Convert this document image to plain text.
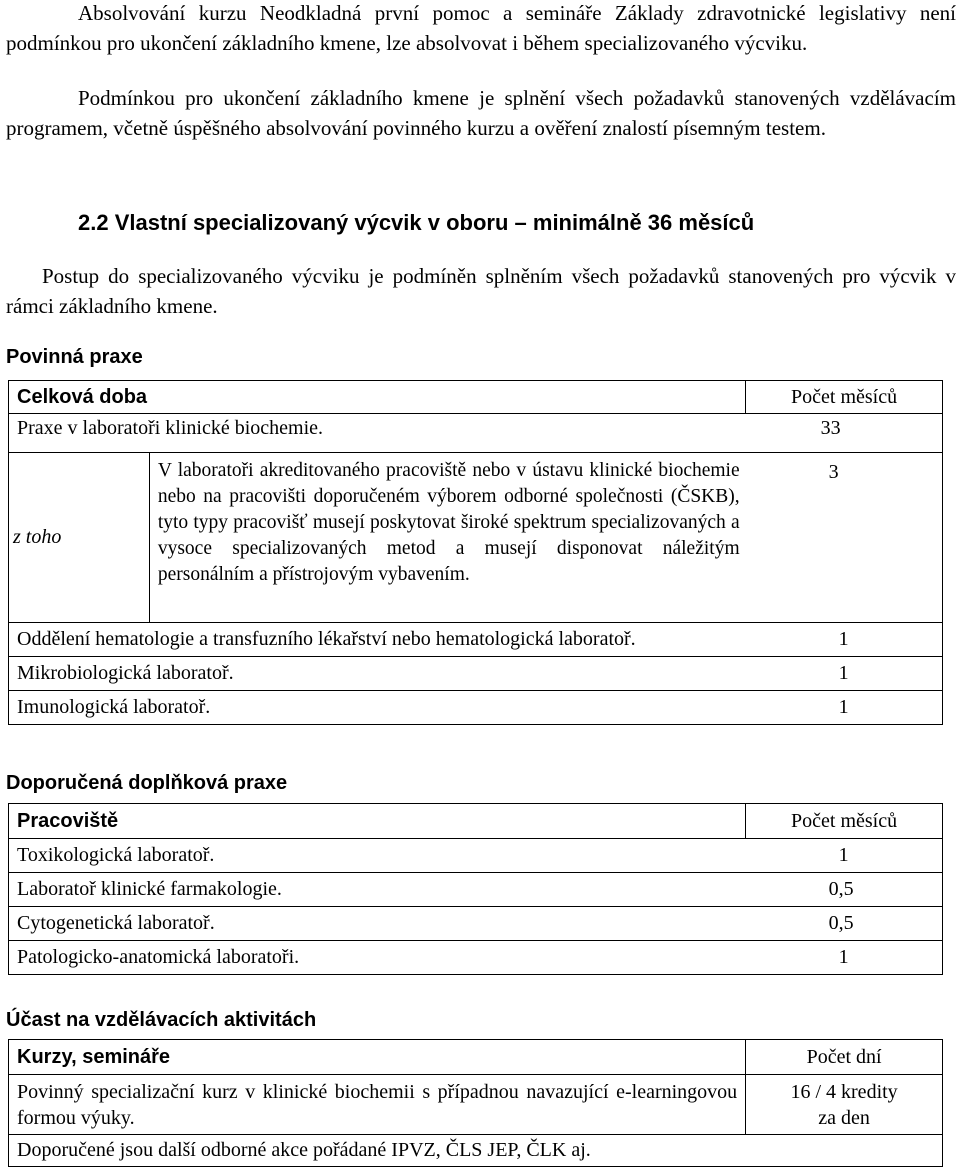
Absolvování kurzu Neodkladná první pomoc a semináře Základy zdravotnické legislativy není podmínkou pro ukončení základního kmene, lze absolvovat i během specializovaného výcviku.

Podmínkou pro ukončení základního kmene je splnění všech požadavků stanovených vzdělávacím programem, včetně úspěšného absolvování povinného kurzu a ověření znalostí písemným testem.

2.2 Vlastní specializovaný výcvik v oboru – minimálně 36 měsíců

Postup do specializovaného výcviku je podmíněn splněním všech požadavků stanovených pro výcvik v rámci základního kmene.

Povinná praxe
Celková doba		Počet měsíců
Praxe v laboratoři klinické biochemie.		33

z toho	V laboratoři akreditovaného pracoviště nebo v ústavu klinické biochemie nebo na pracovišti doporučeném výborem odborné společnosti (ČSKB), tyto typy pracovišť musejí poskytovat široké spektrum specializovaných a vysoce specializovaných metod a musejí disponovat náležitým personálním a přístrojovým vybavením.	3
Oddělení hematologie a transfuzního lékařství nebo hematologická laboratoř.		1
Mikrobiologická laboratoř.		1
Imunologická laboratoř.		1
Doporučená doplňková praxe
Pracoviště	Počet měsíců
Toxikologická laboratoř.	1
Laboratoř klinické farmakologie.	0,5
Cytogenetická laboratoř.	0,5
Patologicko-anatomická laboratoři.	1
Účast na vzdělávacích aktivitách
Kurzy, semináře	Počet dní
Povinný specializační kurz v klinické biochemii s případnou navazující e-learningovou formou výuky.	16 / 4 kredity
za den

Doporučené jsou další odborné akce pořádané IPVZ, ČLS JEP, ČLK aj.	
